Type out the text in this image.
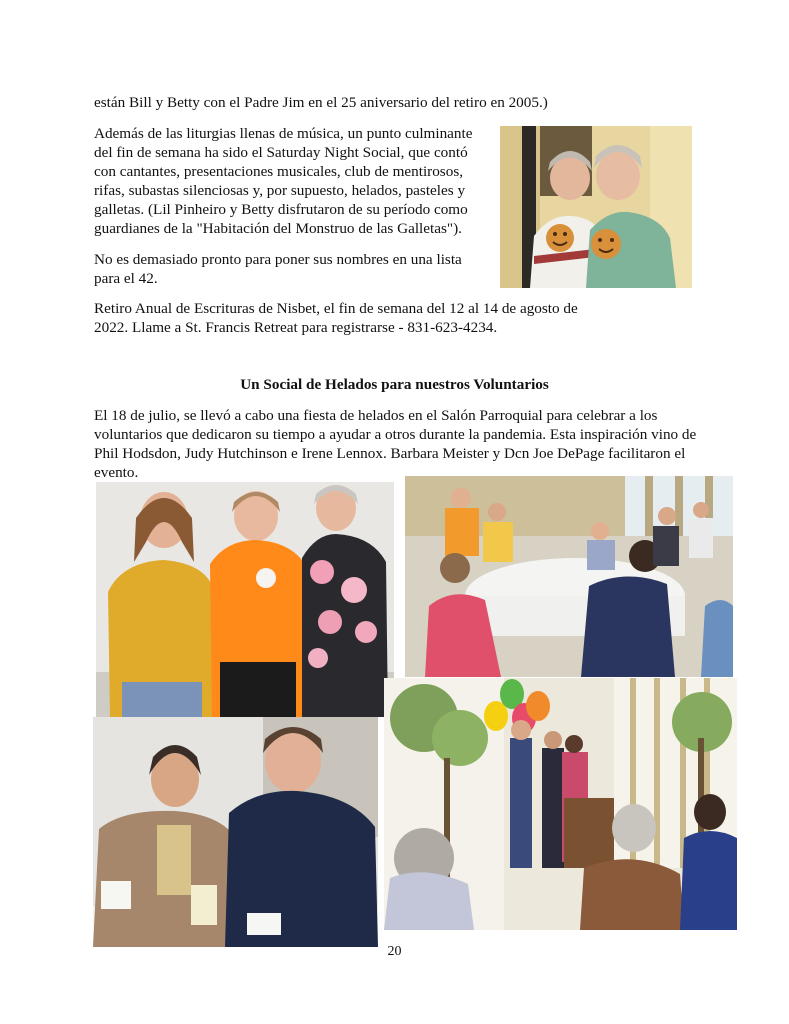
están Bill y Betty con el Padre Jim en el 25 aniversario del retiro en 2005.)

Además de las liturgias llenas de música, un punto culminante del fin de semana ha sido el Saturday Night Social, que contó con cantantes, presentaciones musicales, club de mentirosos, rifas, subastas silenciosas y, por supuesto, helados, pasteles y galletas. (Lil Pinheiro y Betty disfrutaron de su período como guardianes de la "Habitación del Monstruo de las Galletas").

No es demasiado pronto para poner sus nombres en una lista para el 42.

Retiro Anual de Escrituras de Nisbet, el fin de semana del 12 al 14 de agosto de 2022. Llame a St. Francis Retreat para registrarse - 831-623-4234.

Un Social de Helados para nuestros Voluntarios

El 18 de julio, se llevó a cabo una fiesta de helados en el Salón Parroquial para celebrar a los voluntarios que dedicaron su tiempo a ayudar a otros durante la pandemia. Esta inspiración vino de Phil Hodsdon, Judy Hutchinson e Irene Lennox. Barbara Meister y Dcn Joe DePage facilitaron el evento.

20
